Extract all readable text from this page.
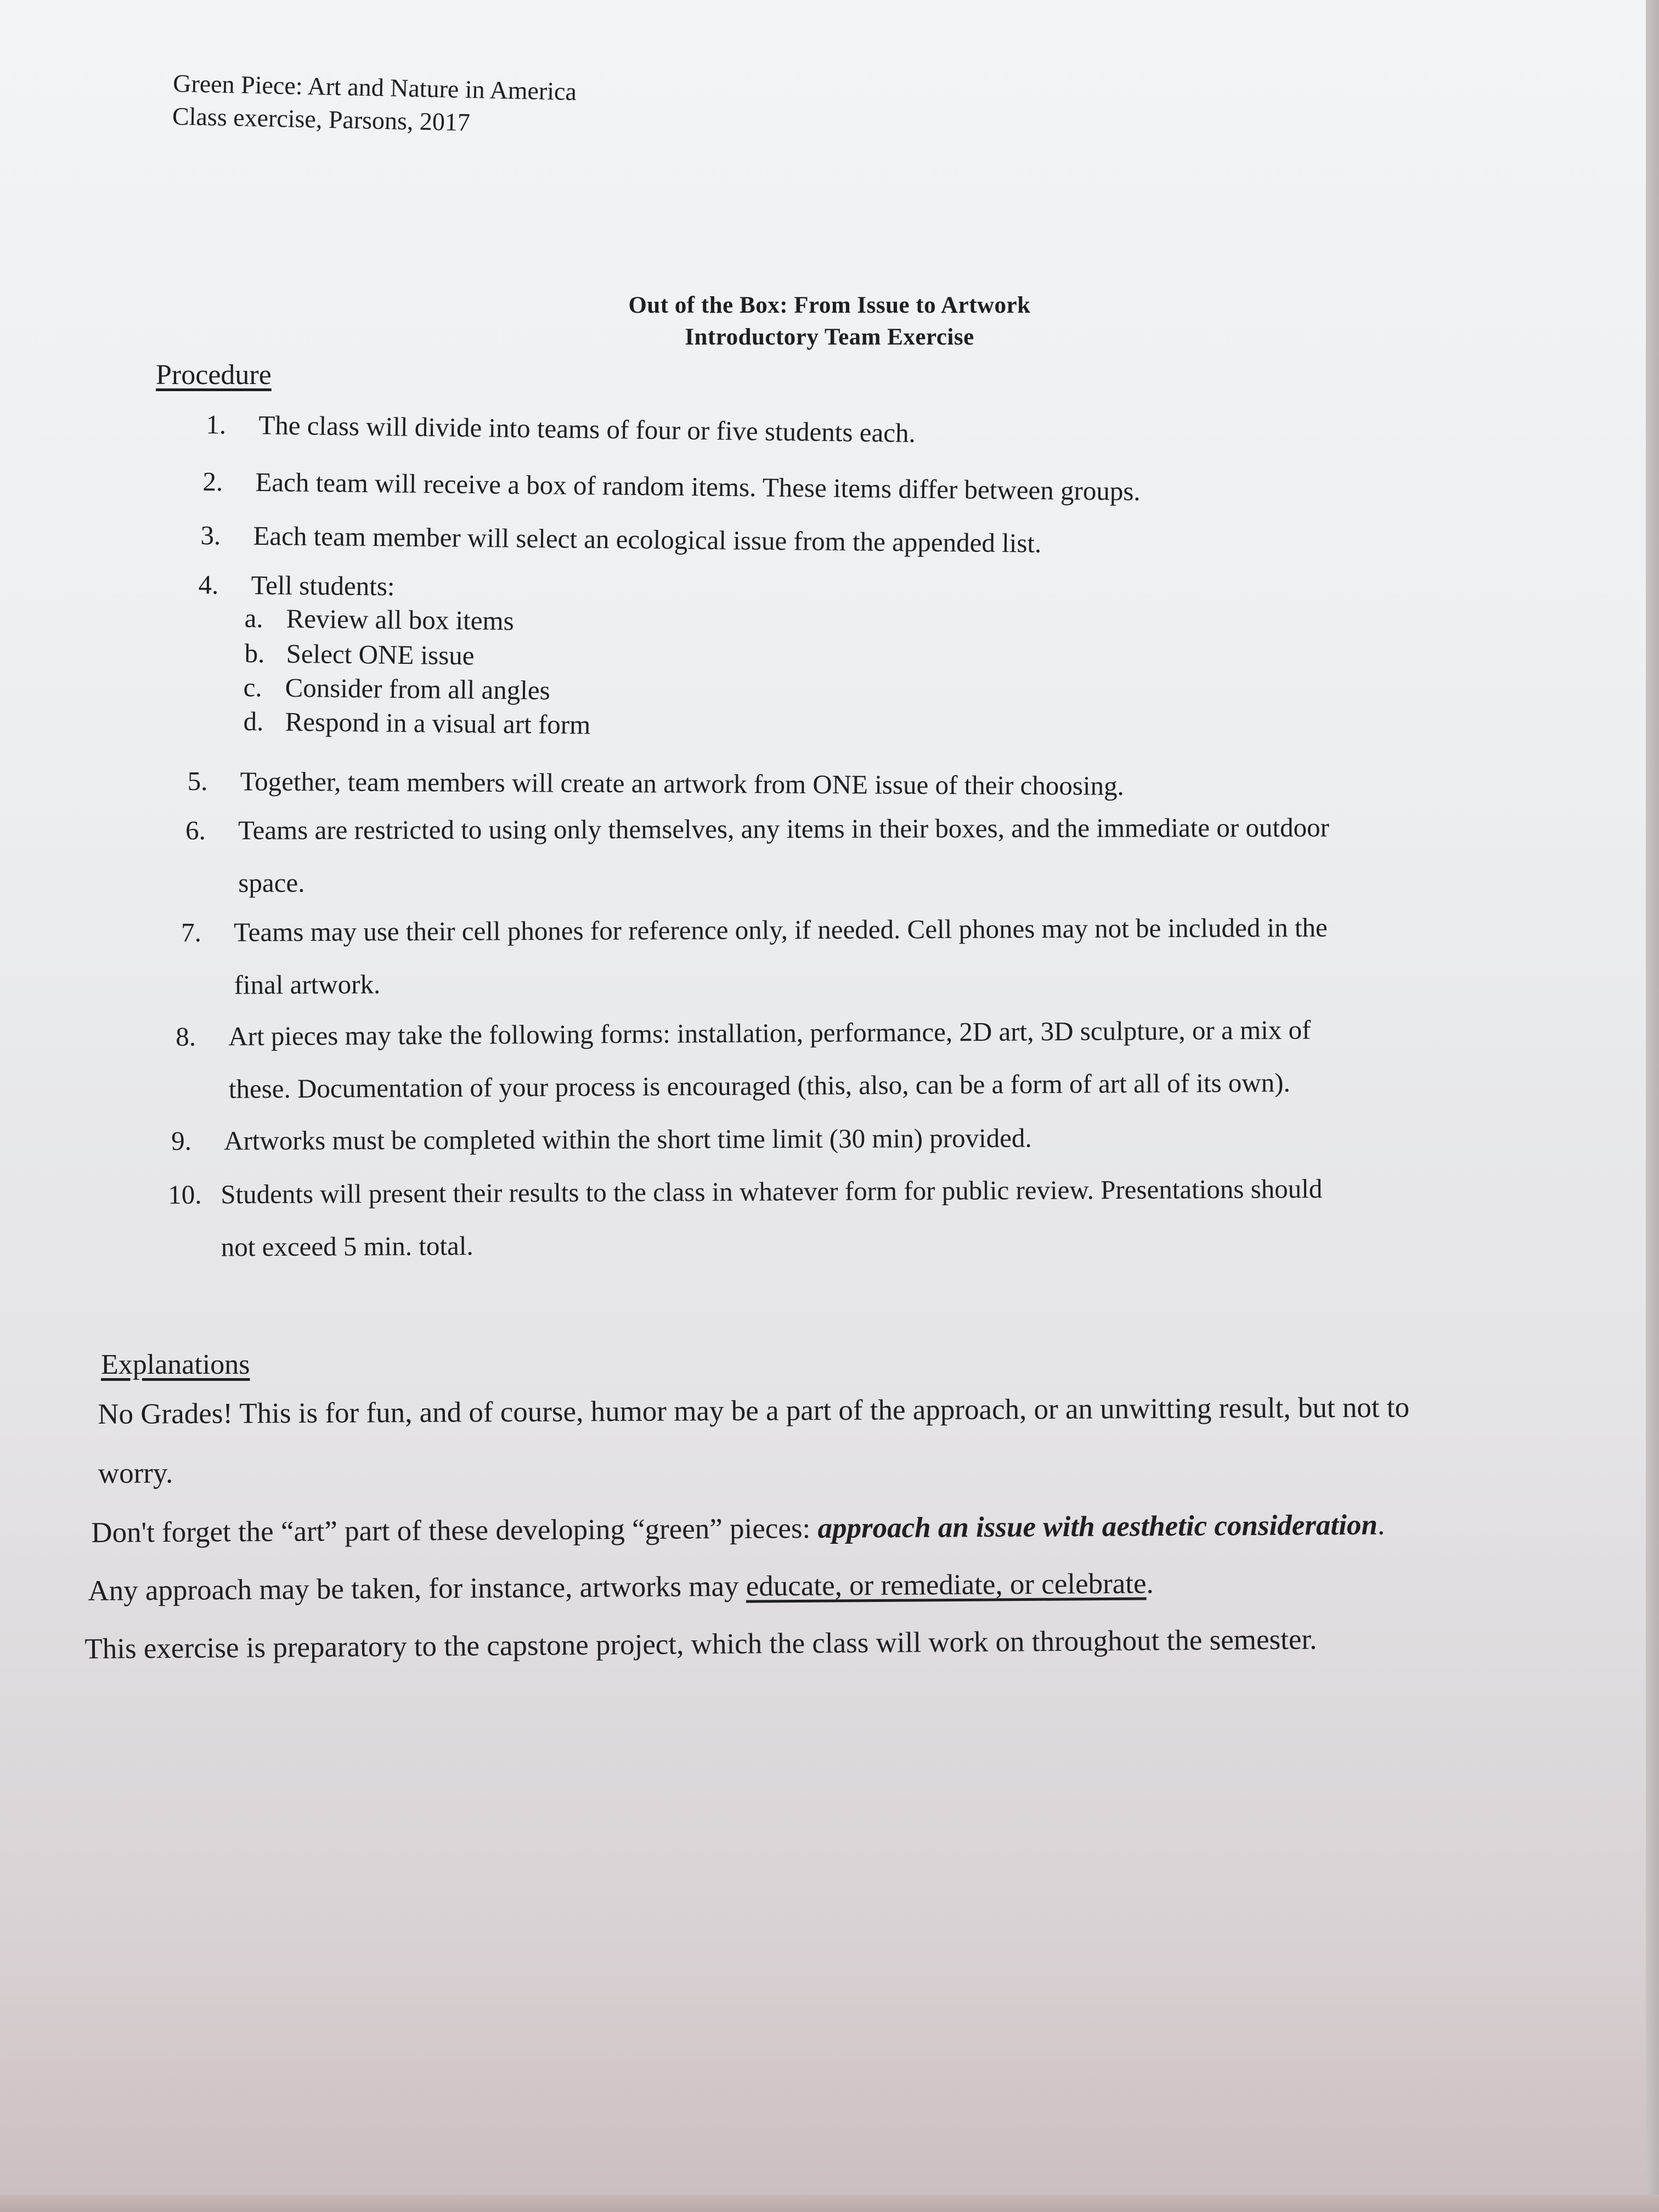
Green Piece: Art and Nature in America
Class exercise, Parsons, 2017
Out of the Box: From Issue to Artwork
Introductory Team Exercise
Procedure
1. The class will divide into teams of four or five students each.
2. Each team will receive a box of random items. These items differ between groups.
3. Each team member will select an ecological issue from the appended list.
4. Tell students:
a. Review all box items
b. Select ONE issue
c. Consider from all angles
d. Respond in a visual art form
5. Together, team members will create an artwork from ONE issue of their choosing.
6. Teams are restricted to using only themselves, any items in their boxes, and the immediate or outdoor
space.
7. Teams may use their cell phones for reference only, if needed. Cell phones may not be included in the
final artwork.
8. Art pieces may take the following forms: installation, performance, 2D art, 3D sculpture, or a mix of
these. Documentation of your process is encouraged (this, also, can be a form of art all of its own).
9. Artworks must be completed within the short time limit (30 min) provided.
10. Students will present their results to the class in whatever form for public review. Presentations should
not exceed 5 min. total.
Explanations
No Grades! This is for fun, and of course, humor may be a part of the approach, or an unwitting result, but not to
worry.
Don't forget the “art” part of these developing “green” pieces: approach an issue with aesthetic consideration.
Any approach may be taken, for instance, artworks may educate, or remediate, or celebrate.
This exercise is preparatory to the capstone project, which the class will work on throughout the semester.
